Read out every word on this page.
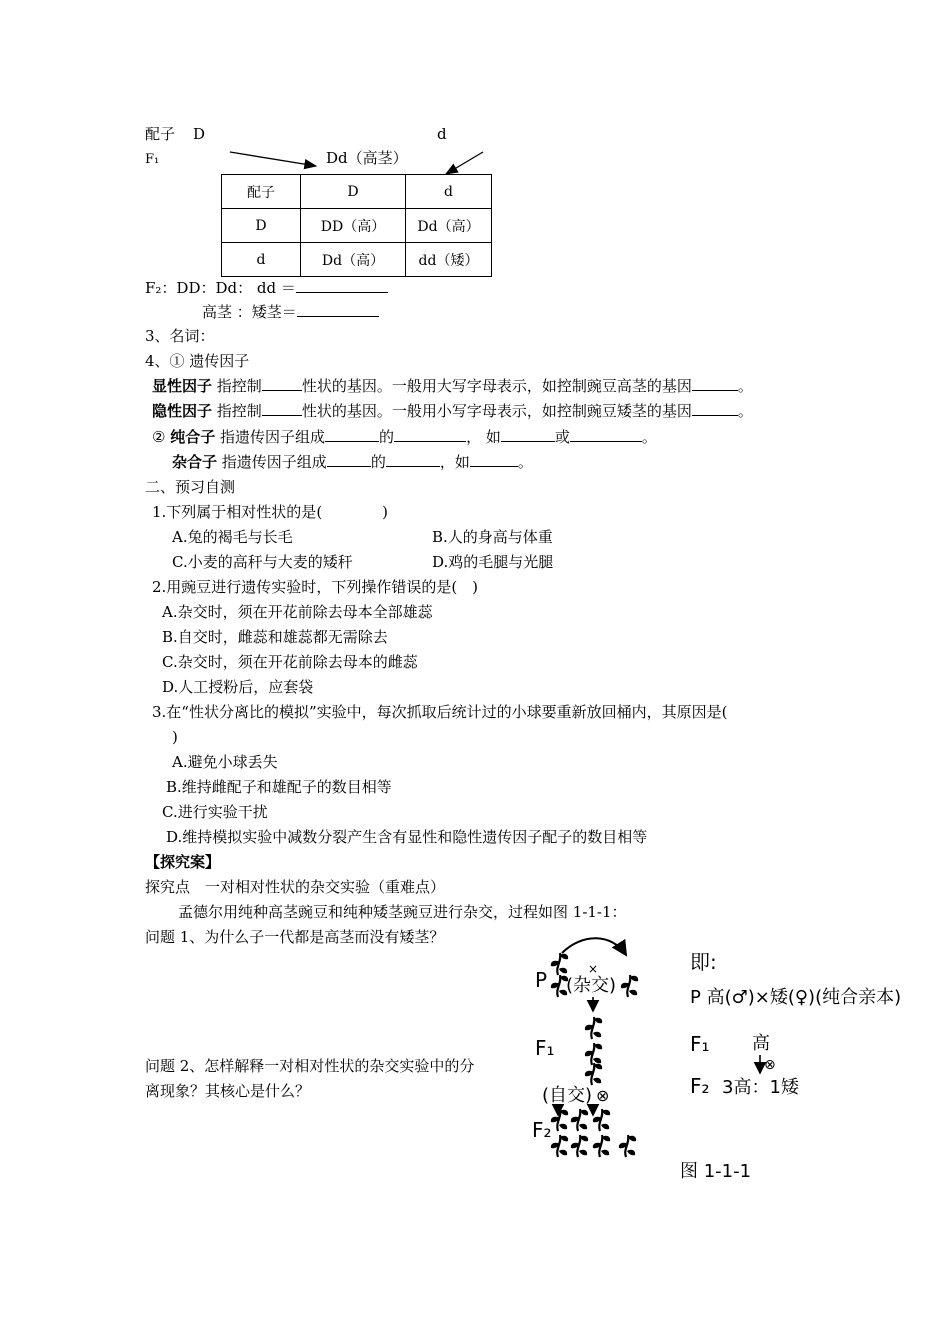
配子 D	d
F₁	Dd（高茎）
配子	D	d
D	DD（高）	Dd（高）
d	Dd（高）	dd（矮）
F₂：DD：Dd： dd ＝
高茎 ：矮茎＝
3、名词：
4、① 遗传因子
显性因子 指控制	性状的基因。一般用大写字母表示，如控制豌豆高茎的基因	。
隐性因子 指控制	性状的基因。一般用小写字母表示，如控制豌豆矮茎的基因	。
② 纯合子 指遗传因子组成	的	， 如	或	。
杂合子 指遗传因子组成	的	，如	。
二、预习自测
1.下列属于相对性状的是(　　　　)
A.兔的褐毛与长毛	B.人的身高与体重
C.小麦的高秆与大麦的矮秆	D.鸡的毛腿与光腿
2.用豌豆进行遗传实验时，下列操作错误的是(　)
A.杂交时，须在开花前除去母本全部雄蕊
B.自交时，雌蕊和雄蕊都无需除去
C.杂交时，须在开花前除去母本的雌蕊
D.人工授粉后，应套袋
3.在“性状分离比的模拟”实验中，每次抓取后统计过的小球要重新放回桶内，其原因是(
)
A.避免小球丢失
B.维持雌配子和雄配子的数目相等
C.进行实验干扰
D.维持模拟实验中减数分裂产生含有显性和隐性遗传因子配子的数目相等
【探究案】
探究点　一对相对性状的杂交实验（重难点）
孟德尔用纯种高茎豌豆和纯种矮茎豌豆进行杂交，过程如图 1-1-1：
问题 1、为什么子一代都是高茎而没有矮茎？
问题 2、怎样解释一对相对性状的杂交实验中的分
离现象？其核心是什么？
P	×
(杂交)
F₁
(自交) ⊗
F₂
即:
P 高(♂)×矮(♀)(纯合亲本)
F₁ 高
⊗
F₂ 3高：1矮
图 1-1-1
